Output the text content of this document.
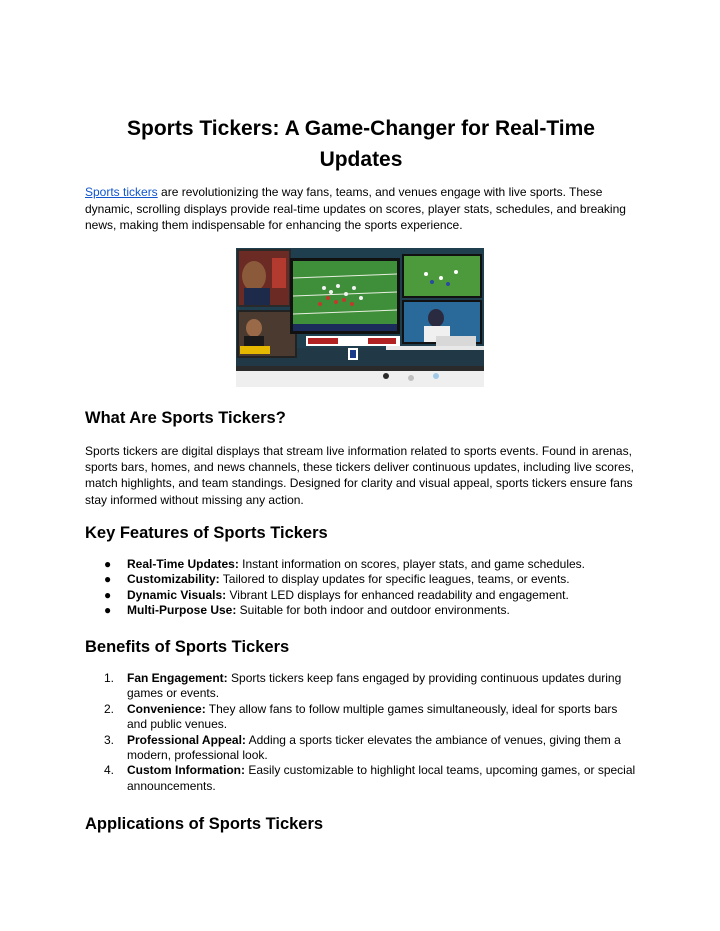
Sports Tickers: A Game-Changer for Real-Time Updates

Sports tickers are revolutionizing the way fans, teams, and venues engage with live sports. These dynamic, scrolling displays provide real-time updates on scores, player stats, schedules, and breaking news, making them indispensable for enhancing the sports experience.

What Are Sports Tickers?

Sports tickers are digital displays that stream live information related to sports events. Found in arenas, sports bars, homes, and news channels, these tickers deliver continuous updates, including live scores, match highlights, and team standings. Designed for clarity and visual appeal, sports tickers ensure fans stay informed without missing any action.

Key Features of Sports Tickers
● Real-Time Updates: Instant information on scores, player stats, and game schedules.
● Customizability: Tailored to display updates for specific leagues, teams, or events.
● Dynamic Visuals: Vibrant LED displays for enhanced readability and engagement.
● Multi-Purpose Use: Suitable for both indoor and outdoor environments.
Benefits of Sports Tickers
1. Fan Engagement: Sports tickers keep fans engaged by providing continuous updates during games or events.
2. Convenience: They allow fans to follow multiple games simultaneously, ideal for sports bars and public venues.
3. Professional Appeal: Adding a sports ticker elevates the ambiance of venues, giving them a modern, professional look.
4. Custom Information: Easily customizable to highlight local teams, upcoming games, or special announcements.
Applications of Sports Tickers
